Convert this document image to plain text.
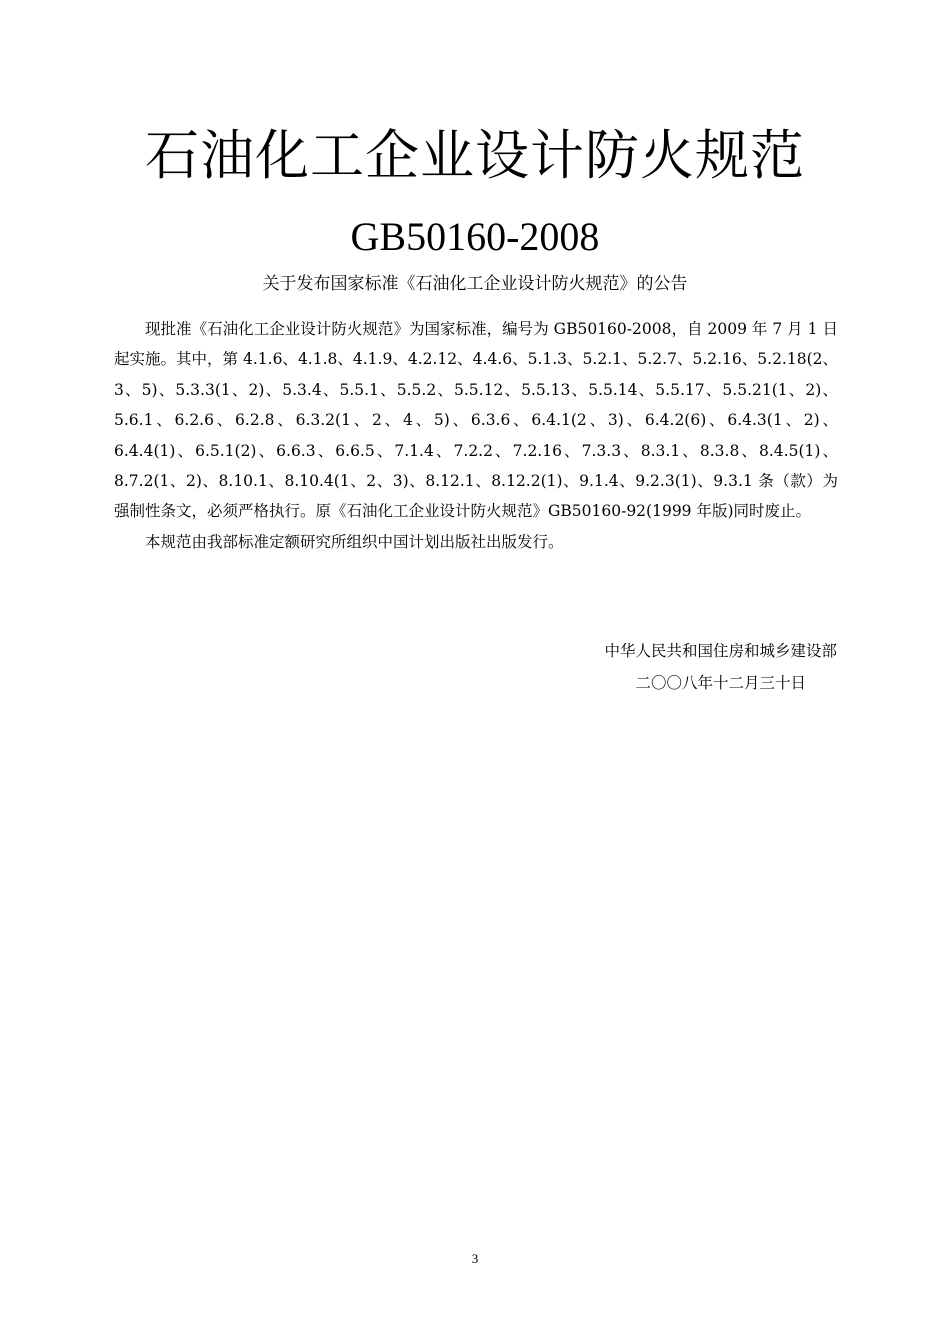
石油化工企业设计防火规范
GB50160-2008
关于发布国家标准《石油化工企业设计防火规范》的公告

现批准《石油化工企业设计防火规范》为国家标准，编号为 GB50160-2008，自 2009 年 7 月 1 日起实施。其中，第 4.1.6、4.1.8、4.1.9、4.2.12、4.4.6、5.1.3、5.2.1、5.2.7、5.2.16、5.2.18(2、3、5)、5.3.3(1、2)、5.3.4、5.5.1、5.5.2、5.5.12、5.5.13、5.5.14、5.5.17、5.5.21(1、2)、5.6.1、6.2.6、6.2.8、6.3.2(1、2、4、5)、6.3.6、6.4.1(2、3)、6.4.2(6)、6.4.3(1、2)、6.4.4(1)、6.5.1(2)、6.6.3、6.6.5、7.1.4、7.2.2、7.2.16、7.3.3、8.3.1、8.3.8、8.4.5(1)、8.7.2(1、2)、8.10.1、8.10.4(1、2、3)、8.12.1、8.12.2(1)、9.1.4、9.2.3(1)、9.3.1 条（款）为强制性条文，必须严格执行。原《石油化工企业设计防火规范》GB50160-92(1999 年版)同时废止。

本规范由我部标准定额研究所组织中国计划出版社出版发行。

中华人民共和国住房和城乡建设部
二〇〇八年十二月三十日
3
